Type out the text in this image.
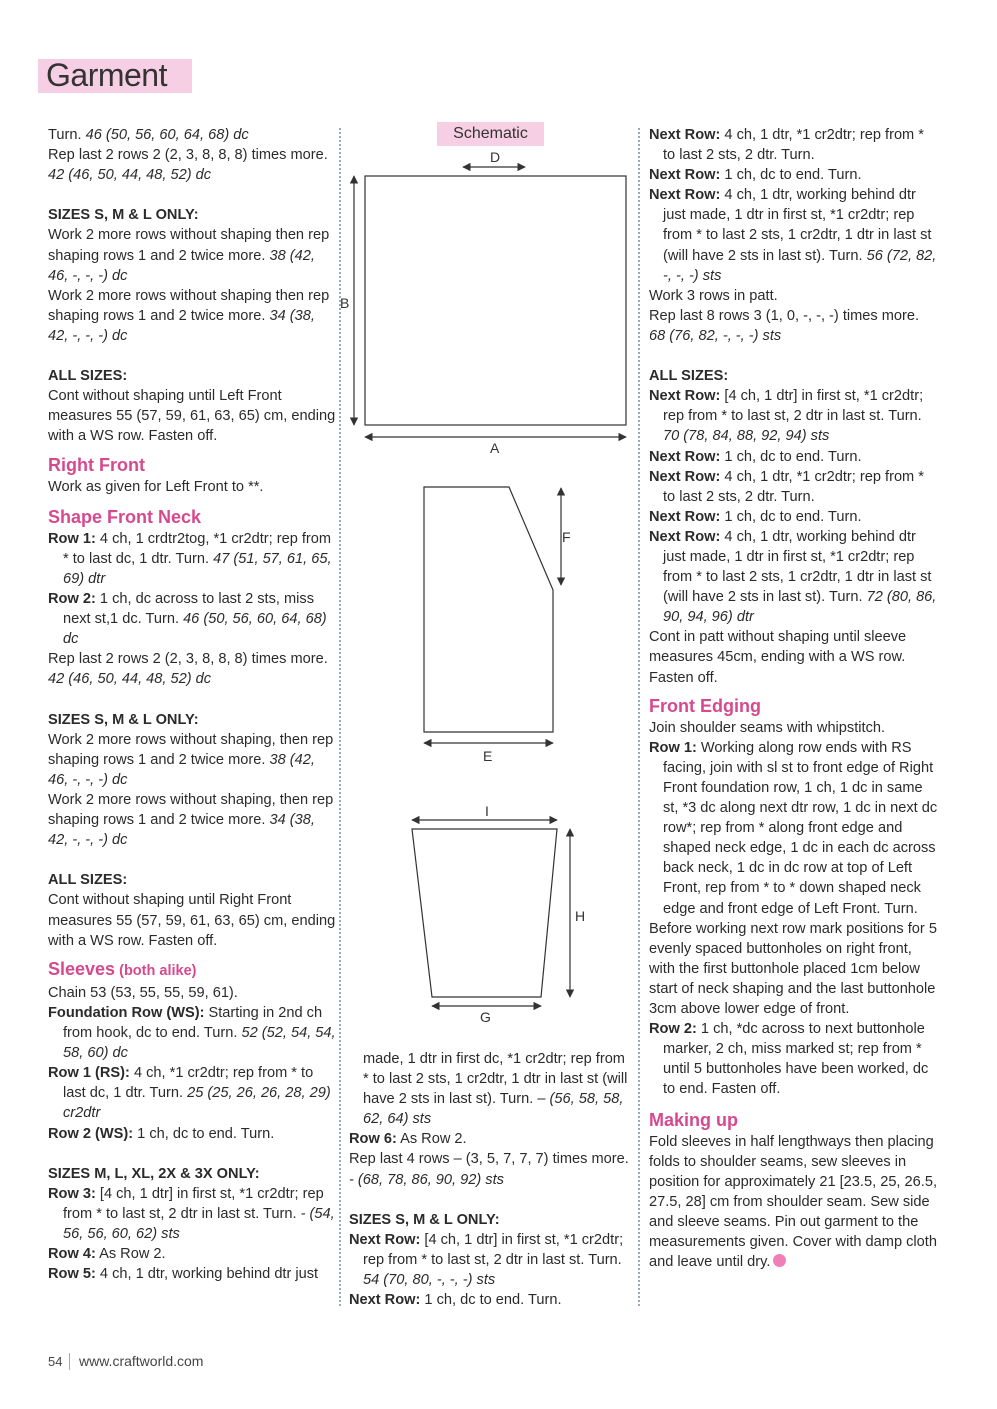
Garment

Turn. 46 (50, 56, 60, 64, 68) dc

Rep last 2 rows 2 (2, 3, 8, 8, 8) times more.

42 (46, 50, 44, 48, 52) dc

SIZES S, M & L ONLY:

Work 2 more rows without shaping then rep shaping rows 1 and 2 twice more. 38 (42, 46, -, -, -) dc

Work 2 more rows without shaping then rep shaping rows 1 and 2 twice more. 34 (38, 42, -, -, -) dc

ALL SIZES:

Cont without shaping until Left Front measures 55 (57, 59, 61, 63, 65) cm, ending with a WS row. Fasten off.

Right Front

Work as given for Left Front to **.

Shape Front Neck

Row 1: 4 ch, 1 crdtr2tog, *1 cr2dtr; rep from * to last dc, 1 dtr. Turn. 47 (51, 57, 61, 65, 69) dtr

Row 2: 1 ch, dc across to last 2 sts, miss next st,1 dc. Turn. 46 (50, 56, 60, 64, 68) dc

Rep last 2 rows 2 (2, 3, 8, 8, 8) times more.

42 (46, 50, 44, 48, 52) dc

SIZES S, M & L ONLY:

Work 2 more rows without shaping, then rep shaping rows 1 and 2 twice more. 38 (42, 46, -, -, -) dc

Work 2 more rows without shaping, then rep shaping rows 1 and 2 twice more. 34 (38, 42, -, -, -) dc

ALL SIZES:

Cont without shaping until Right Front measures 55 (57, 59, 61, 63, 65) cm, ending with a WS row. Fasten off.

Sleeves (both alike)

Chain 53 (53, 55, 55, 59, 61).

Foundation Row (WS): Starting in 2nd ch from hook, dc to end. Turn. 52 (52, 54, 54, 58, 60) dc

Row 1 (RS): 4 ch, *1 cr2dtr; rep from * to last dc, 1 dtr. Turn. 25 (25, 26, 26, 28, 29) cr2dtr

Row 2 (WS): 1 ch, dc to end. Turn.

SIZES M, L, XL, 2X & 3X ONLY:

Row 3: [4 ch, 1 dtr] in first st, *1 cr2dtr; rep from * to last st, 2 dtr in last st. Turn. - (54, 56, 56, 60, 62) sts

Row 4: As Row 2.

Row 5: 4 ch, 1 dtr, working behind dtr just

Schematic
D
B
A
F
E
I
H
G

made, 1 dtr in first dc, *1 cr2dtr; rep from * to last 2 sts, 1 cr2dtr, 1 dtr in last st (will have 2 sts in last st). Turn. – (56, 58, 58, 62, 64) sts

Row 6: As Row 2.

Rep last 4 rows – (3, 5, 7, 7, 7) times more.

- (68, 78, 86, 90, 92) sts

SIZES S, M & L ONLY:

Next Row: [4 ch, 1 dtr] in first st, *1 cr2dtr; rep from * to last st, 2 dtr in last st. Turn. 54 (70, 80, -, -, -) sts

Next Row: 1 ch, dc to end. Turn.

Next Row: 4 ch, 1 dtr, *1 cr2dtr; rep from * to last 2 sts, 2 dtr. Turn.

Next Row: 1 ch, dc to end. Turn.

Next Row: 4 ch, 1 dtr, working behind dtr just made, 1 dtr in first st, *1 cr2dtr; rep from * to last 2 sts, 1 cr2dtr, 1 dtr in last st (will have 2 sts in last st). Turn. 56 (72, 82, -, -, -) sts

Work 3 rows in patt.

Rep last 8 rows 3 (1, 0, -, -, -) times more. 68 (76, 82, -, -, -) sts

ALL SIZES:

Next Row: [4 ch, 1 dtr] in first st, *1 cr2dtr; rep from * to last st, 2 dtr in last st. Turn. 70 (78, 84, 88, 92, 94) sts

Next Row: 1 ch, dc to end. Turn.

Next Row: 4 ch, 1 dtr, *1 cr2dtr; rep from * to last 2 sts, 2 dtr. Turn.

Next Row: 1 ch, dc to end. Turn.

Next Row: 4 ch, 1 dtr, working behind dtr just made, 1 dtr in first st, *1 cr2dtr; rep from * to last 2 sts, 1 cr2dtr, 1 dtr in last st (will have 2 sts in last st). Turn. 72 (80, 86, 90, 94, 96) dtr

Cont in patt without shaping until sleeve measures 45cm, ending with a WS row. Fasten off.

Front Edging

Join shoulder seams with whipstitch.

Row 1: Working along row ends with RS facing, join with sl st to front edge of Right Front foundation row, 1 ch, 1 dc in same st, *3 dc along next dtr row, 1 dc in next dc row*; rep from * along front edge and shaped neck edge, 1 dc in each dc across back neck, 1 dc in dc row at top of Left Front, rep from * to * down shaped neck edge and front edge of Left Front. Turn.

Before working next row mark positions for 5 evenly spaced buttonholes on right front, with the first buttonhole placed 1cm below start of neck shaping and the last buttonhole 3cm above lower edge of front.

Row 2: 1 ch, *dc across to next buttonhole marker, 2 ch, miss marked st; rep from * until 5 buttonholes have been worked, dc to end. Fasten off.

Making up

Fold sleeves in half lengthways then placing folds to shoulder seams, sew sleeves in position for approximately 21 [23.5, 25, 26.5, 27.5, 28] cm from shoulder seam. Sew side and sleeve seams. Pin out garment to the measurements given. Cover with damp cloth and leave until dry.

54 www.craftworld.com
